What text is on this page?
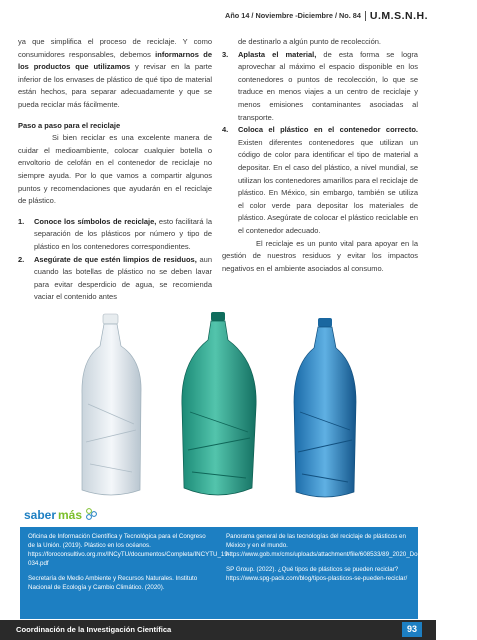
Año 14 / Noviembre -Diciembre / No. 84 U.M.S.N.H.

ya que simplifica el proceso de reciclaje. Y como consumidores responsables, debemos informarnos de los productos que utilizamos y revisar en la parte inferior de los envases de plástico de qué tipo de material están hechos, para separar adecuadamente y que se pueda reciclar más fácilmente.

Paso a paso para el reciclaje

Si bien reciclar es una excelente manera de cuidar el medioambiente, colocar cualquier botella o envoltorio de celofán en el contenedor de reciclaje no siempre ayuda. Por lo que vamos a compartir algunos puntos y recomendaciones que ayudarán en el reciclaje de plástico.

1. Conoce los símbolos de reciclaje, esto facilitará la separación de los plásticos por número y tipo de plástico en los contenedores correspondientes.
2. Asegúrate de que estén limpios de residuos, aun cuando las botellas de plástico no se deben lavar para evitar desperdicio de agua, se recomienda vaciar el contenido antes
de destinarlo a algún punto de recolección.
3. Aplasta el material, de esta forma se logra aprovechar al máximo el espacio disponible en los contenedores o puntos de recolección, lo que se traduce en menos viajes a un centro de reciclaje y menos emisiones contaminantes asociadas al transporte.
4. Coloca el plástico en el contenedor correcto. Existen diferentes contenedores que utilizan un código de color para identificar el tipo de material a depositar. En el caso del plástico, a nivel mundial, se utilizan los contenedores amarillos para el reciclaje de plástico. En México, sin embargo, también se utiliza el color verde para depositar los materiales de plástico. Asegúrate de colocar el plástico reciclable en el contenedor adecuado.

El reciclaje es un punto vital para apoyar en la gestión de nuestros residuos y evitar los impactos negativos en el ambiente asociados al consumo.

saber más

Oficina de Información Científica y Tecnológica para el Congreso de la Unión. (2019). Plástico en los océanos. https://foroconsultivo.org.mx/INCyTU/documentos/Completa/INCYTU_19-034.pdf

Secretaría de Medio Ambiente y Recursos Naturales. Instituto Nacional de Ecología y Cambio Climático. (2020).

Panorama general de las tecnologías del reciclaje de plásticos en México y en el mundo. https://www.gob.mx/cms/uploads/attachment/file/608533/89_2020_Documento_Plastico.pdf

SP Group. (2022). ¿Qué tipos de plásticos se pueden reciclar? https://www.spg-pack.com/blog/tipos-plasticos-se-pueden-reciclar/

Coordinación de la Investigación Científica	93
